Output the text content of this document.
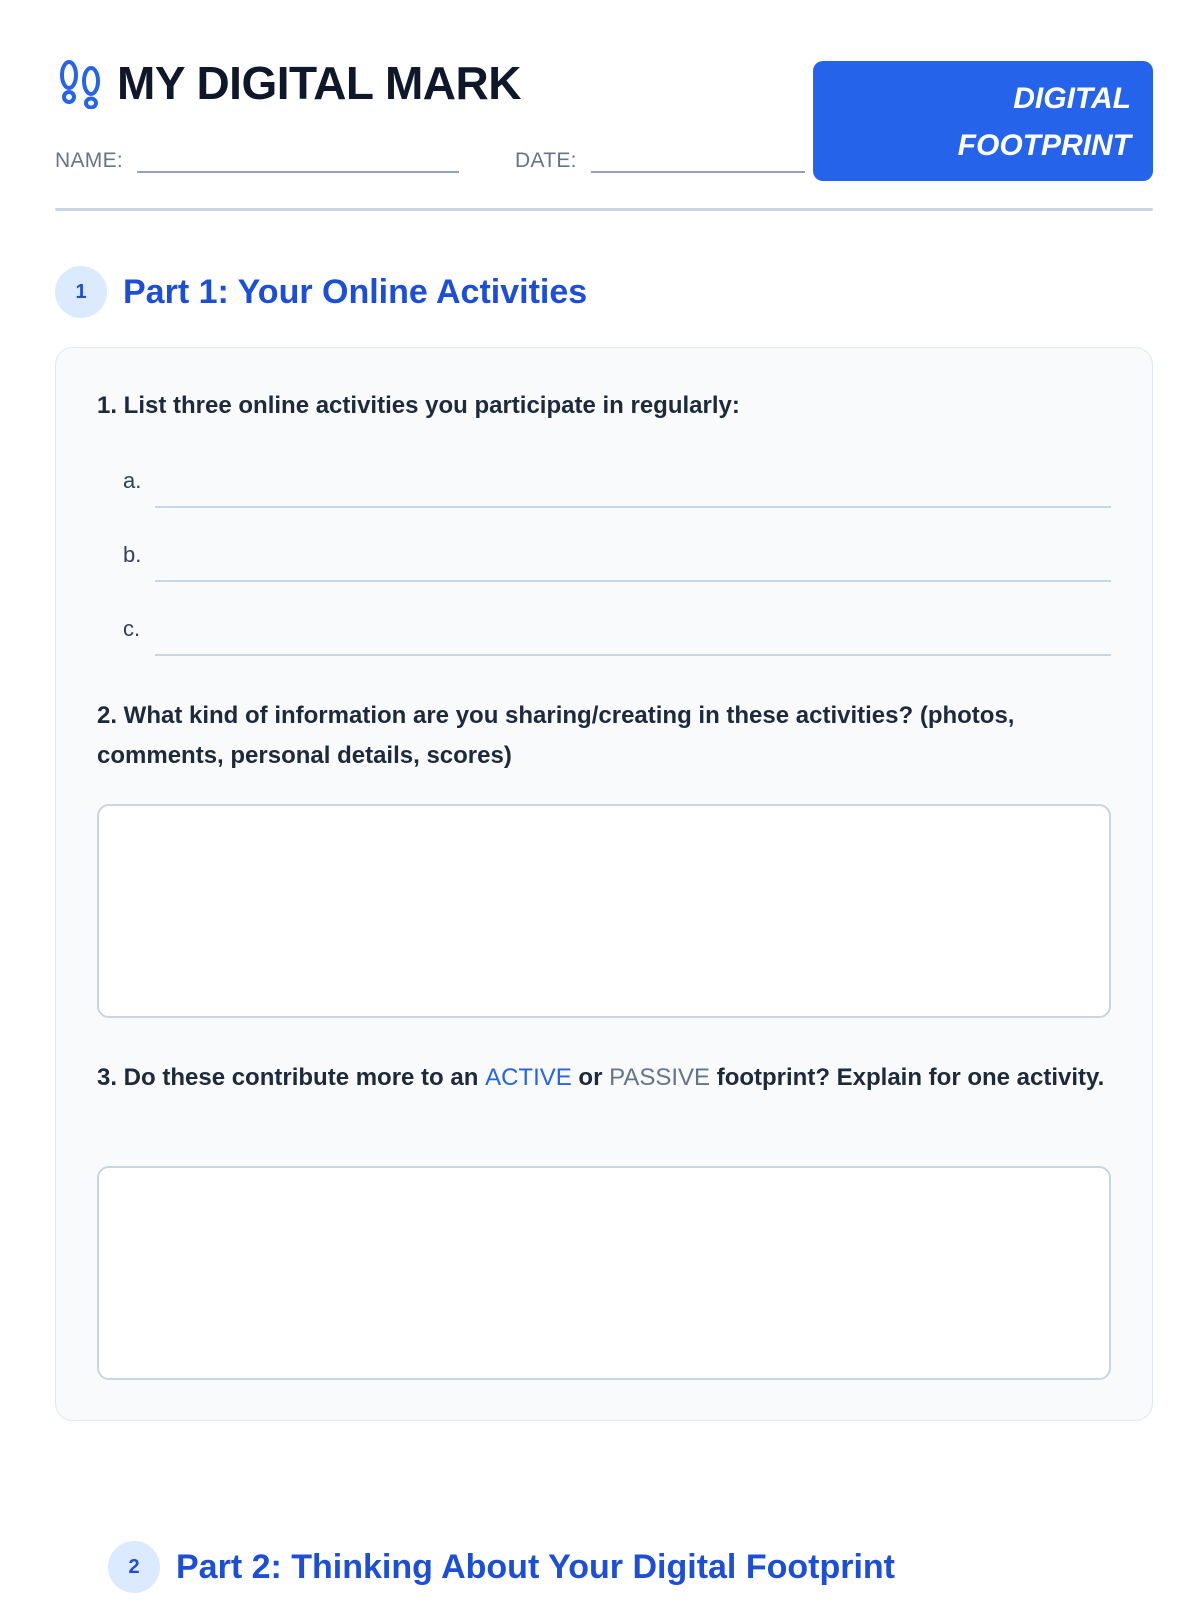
MY DIGITAL MARK
NAME:	DATE:
DIGITAL
FOOTPRINT
1	Part 1: Your Online Activities

1. List three online activities you participate in regularly:

a.
b.
c.

2. What kind of information are you sharing/creating in these activities? (photos, comments, personal details, scores)

3. Do these contribute more to an ACTIVE or PASSIVE footprint? Explain for one activity.

2	Part 2: Thinking About Your Digital Footprint
